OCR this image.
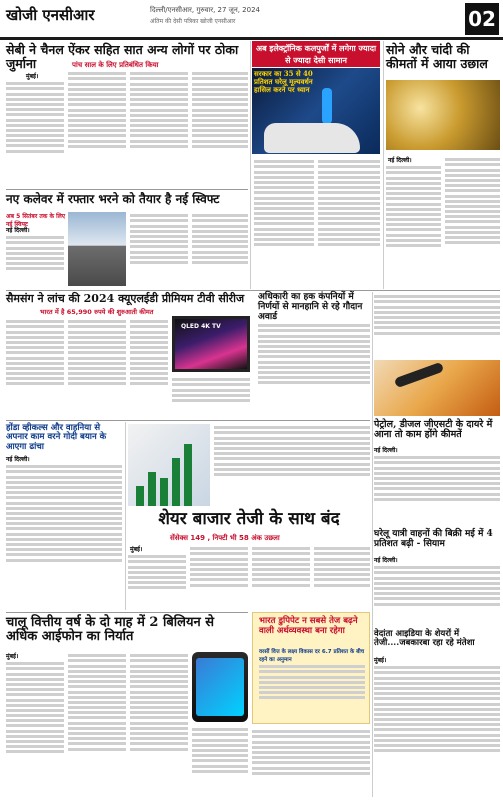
खोजी एनसीआर	दिल्ली/एनसीआर, गुरुवार, 27 जून, 2024
अंतिम की देसी पत्रिका खोजी एनसीआर	02
सेबी ने चैनल ऐंकर सहित सात अन्य लोगों पर ठोका जुर्माना	पांच साल के लिए प्रतिबंधित किया
मुंबई।
अब इलेक्ट्रॉनिक कलपुर्जों में लगेगा ज्यादा से ज्यादा देसी सामान
सरकार का 35 से 40 प्रतिशत घरेलू मूल्यवर्धन हासिल करने पर ध्यान
सोने और चांदी की कीमतों में आया उछाल
नई दिल्ली।
नए कलेवर में रफ्तार भरने को तैयार है नई स्विफ्ट
अब 5 सितंबर तक के लिए नई स्विफ्ट
नई दिल्ली।
सैमसंग ने लांच की 2024 क्यूएलईडी प्रीमियम टीवी सीरीज
भारत में है 65,990 रुपये की शुरुआती कीमत
QLED 4K TV
अधिकारी का हक कंपनियों में निर्णयों से मानहानि से रहे गौदान अवार्ड
पेट्रोल, डीजल जीएसटी के दायरे में आना तो काम होंगे कीमतें
नई दिल्ली।
होंडा व्हीकल्स और वाहनिया से अपनार काम वरने गोदी बयान के आएगा ढांचा
नई दिल्ली।
शेयर बाजार तेजी के साथ बंद
सेंसेक्स 149 , निफ्टी भी 58 अंक उछला
मुंबई।
घरेलू यात्री वाहनों की बिक्री मई में 4 प्रतिशत बढ़ी - सियाम
नई दिल्ली।
भारत डुपिपेट न सबसे तेज बढ़ने वाली अर्थव्यवस्था बना रहेगा
वरसीं वित्त के लक्ष्य विकास दर 6.7 प्रतिशत के बीच रहने का अनुमान
चालू वित्तीय वर्ष के दो माह में 2 बिलियन से अधिक आईफोन का निर्यात
मुंबई।
वेदांता आइडिया के शेयरों में तेजी....जबकारबा रहा रहे मंतेशा
मुंबई।
